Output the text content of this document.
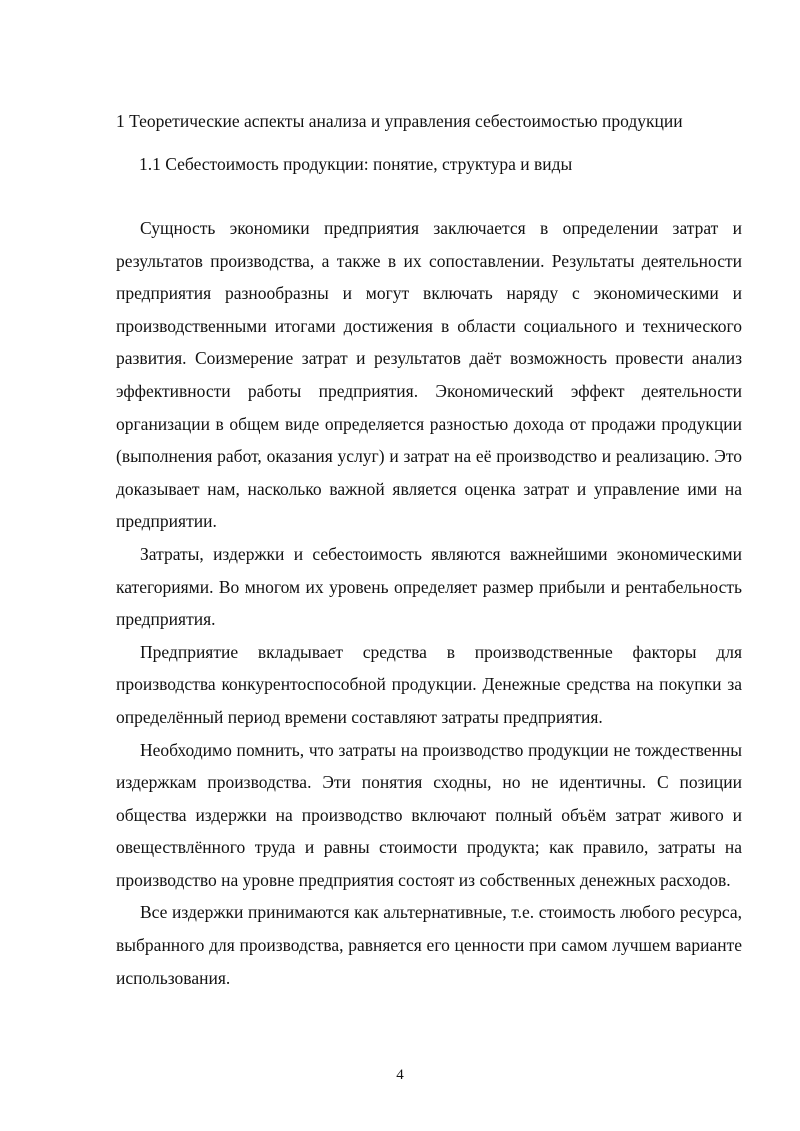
1 Теоретические аспекты анализа и управления себестоимостью продукции
1.1 Себестоимость продукции: понятие, структура и виды

Сущность экономики предприятия заключается в определении затрат и результатов производства, а также в их сопоставлении. Результаты деятельности предприятия разнообразны и могут включать наряду с экономическими и производственными итогами достижения в области социального и технического развития. Соизмерение затрат и результатов даёт возможность провести анализ эффективности работы предприятия. Экономический эффект деятельности организации в общем виде определяется разностью дохода от продажи продукции (выполнения работ, оказания услуг) и затрат на её производство и реализацию. Это доказывает нам, насколько важной является оценка затрат и управление ими на предприятии.

Затраты, издержки и себестоимость являются важнейшими экономическими категориями. Во многом их уровень определяет размер прибыли и рентабельность предприятия.

Предприятие вкладывает средства в производственные факторы для производства конкурентоспособной продукции. Денежные средства на покупки за определённый период времени составляют затраты предприятия.

Необходимо помнить, что затраты на производство продукции не тождественны издержкам производства. Эти понятия сходны, но не идентичны. С позиции общества издержки на производство включают полный объём затрат живого и овеществлённого труда и равны стоимости продукта; как правило, затраты на производство на уровне предприятия состоят из собственных денежных расходов.

Все издержки принимаются как альтернативные, т.е. стоимость любого ресурса, выбранного для производства, равняется его ценности при самом лучшем варианте использования.

4
